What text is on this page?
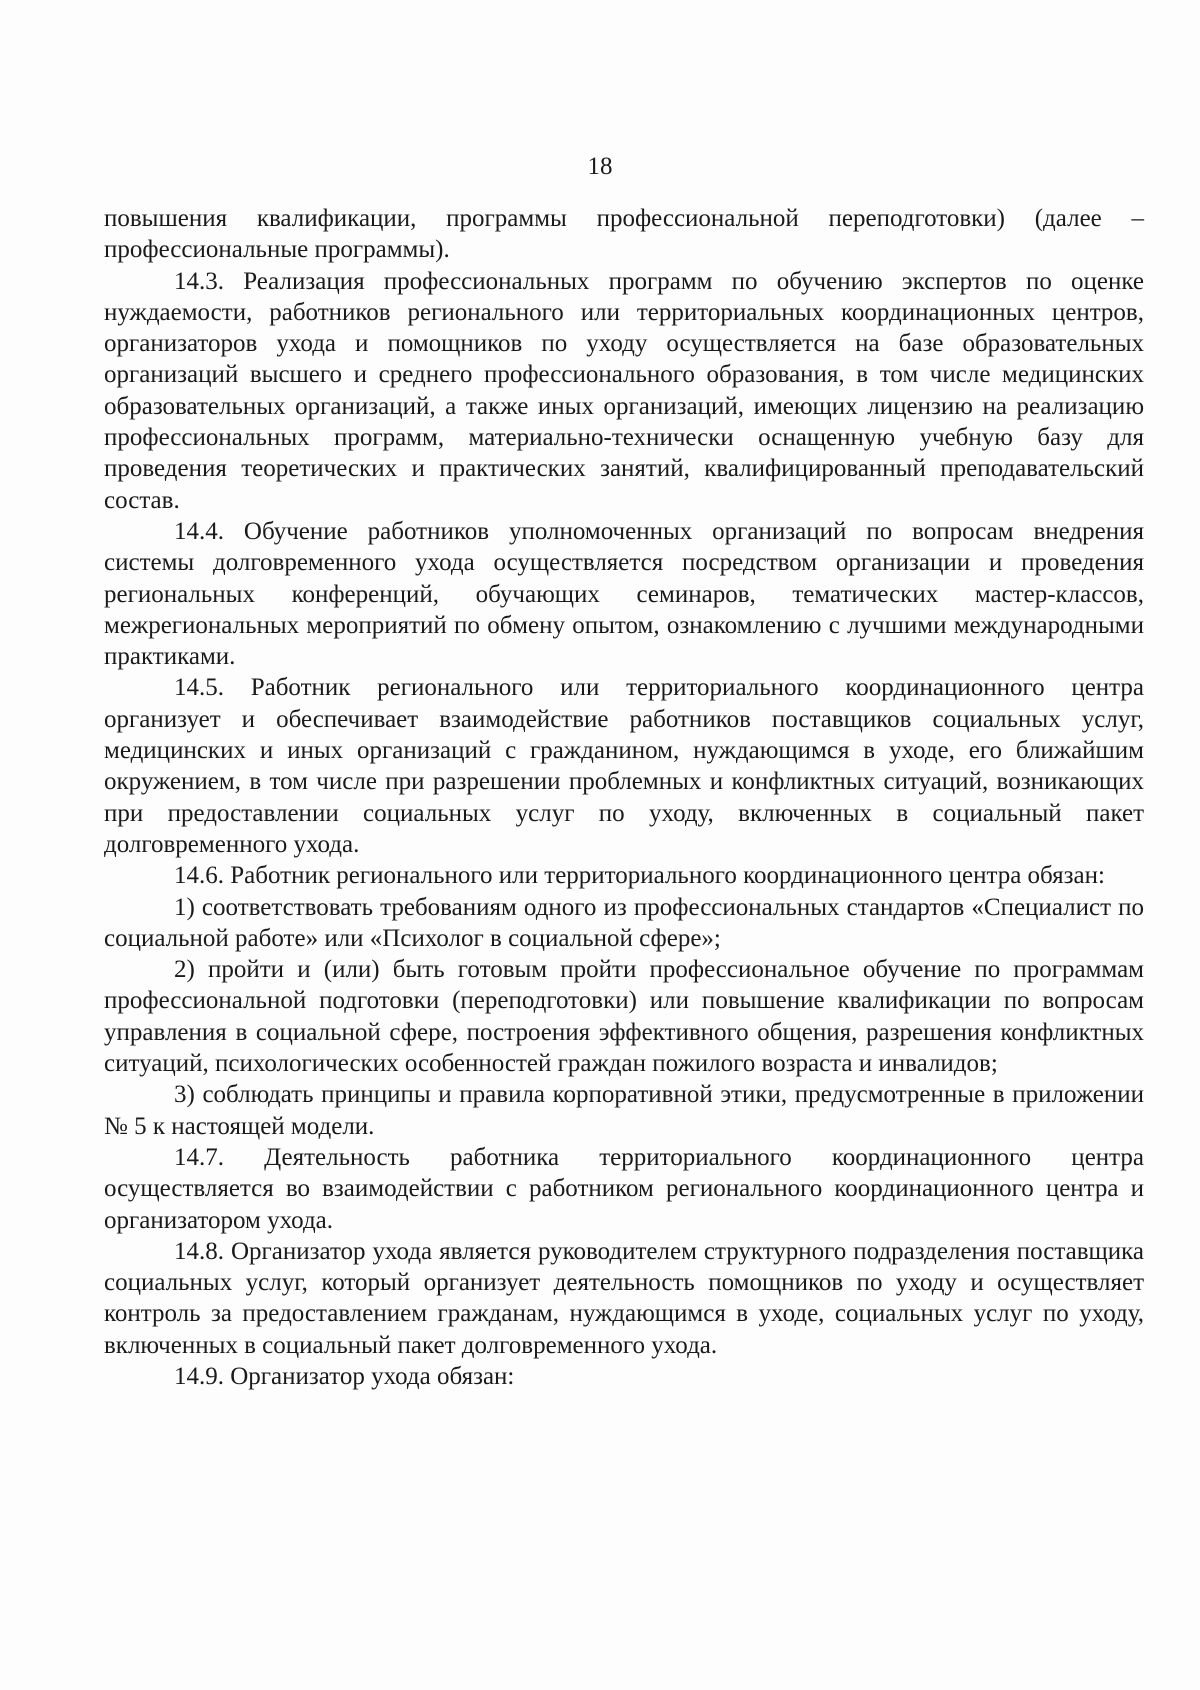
18

повышения квалификации, программы профессиональной переподготовки) (далее – профессиональные программы).

14.3. Реализация профессиональных программ по обучению экспертов по оценке нуждаемости, работников регионального или территориальных координационных центров, организаторов ухода и помощников по уходу осуществляется на базе образовательных организаций высшего и среднего профессионального образования, в том числе медицинских образовательных организаций, а также иных организаций, имеющих лицензию на реализацию профессиональных программ, материально-технически оснащенную учебную базу для проведения теоретических и практических занятий, квалифицированный преподавательский состав.

14.4. Обучение работников уполномоченных организаций по вопросам внедрения системы долговременного ухода осуществляется посредством организации и проведения региональных конференций, обучающих семинаров, тематических мастер-классов, межрегиональных мероприятий по обмену опытом, ознакомлению с лучшими международными практиками.

14.5. Работник регионального или территориального координационного центра организует и обеспечивает взаимодействие работников поставщиков социальных услуг, медицинских и иных организаций с гражданином, нуждающимся в уходе, его ближайшим окружением, в том числе при разрешении проблемных и конфликтных ситуаций, возникающих при предоставлении социальных услуг по уходу, включенных в социальный пакет долговременного ухода.

14.6. Работник регионального или территориального координационного центра обязан:

1) соответствовать требованиям одного из профессиональных стандартов «Специалист по социальной работе» или «Психолог в социальной сфере»;

2) пройти и (или) быть готовым пройти профессиональное обучение по программам профессиональной подготовки (переподготовки) или повышение квалификации по вопросам управления в социальной сфере, построения эффективного общения, разрешения конфликтных ситуаций, психологических особенностей граждан пожилого возраста и инвалидов;

3) соблюдать принципы и правила корпоративной этики, предусмотренные в приложении № 5 к настоящей модели.

14.7. Деятельность работника территориального координационного центра осуществляется во взаимодействии с работником регионального координационного центра и организатором ухода.

14.8. Организатор ухода является руководителем структурного подразделения поставщика социальных услуг, который организует деятельность помощников по уходу и осуществляет контроль за предоставлением гражданам, нуждающимся в уходе, социальных услуг по уходу, включенных в социальный пакет долговременного ухода.

14.9. Организатор ухода обязан:
